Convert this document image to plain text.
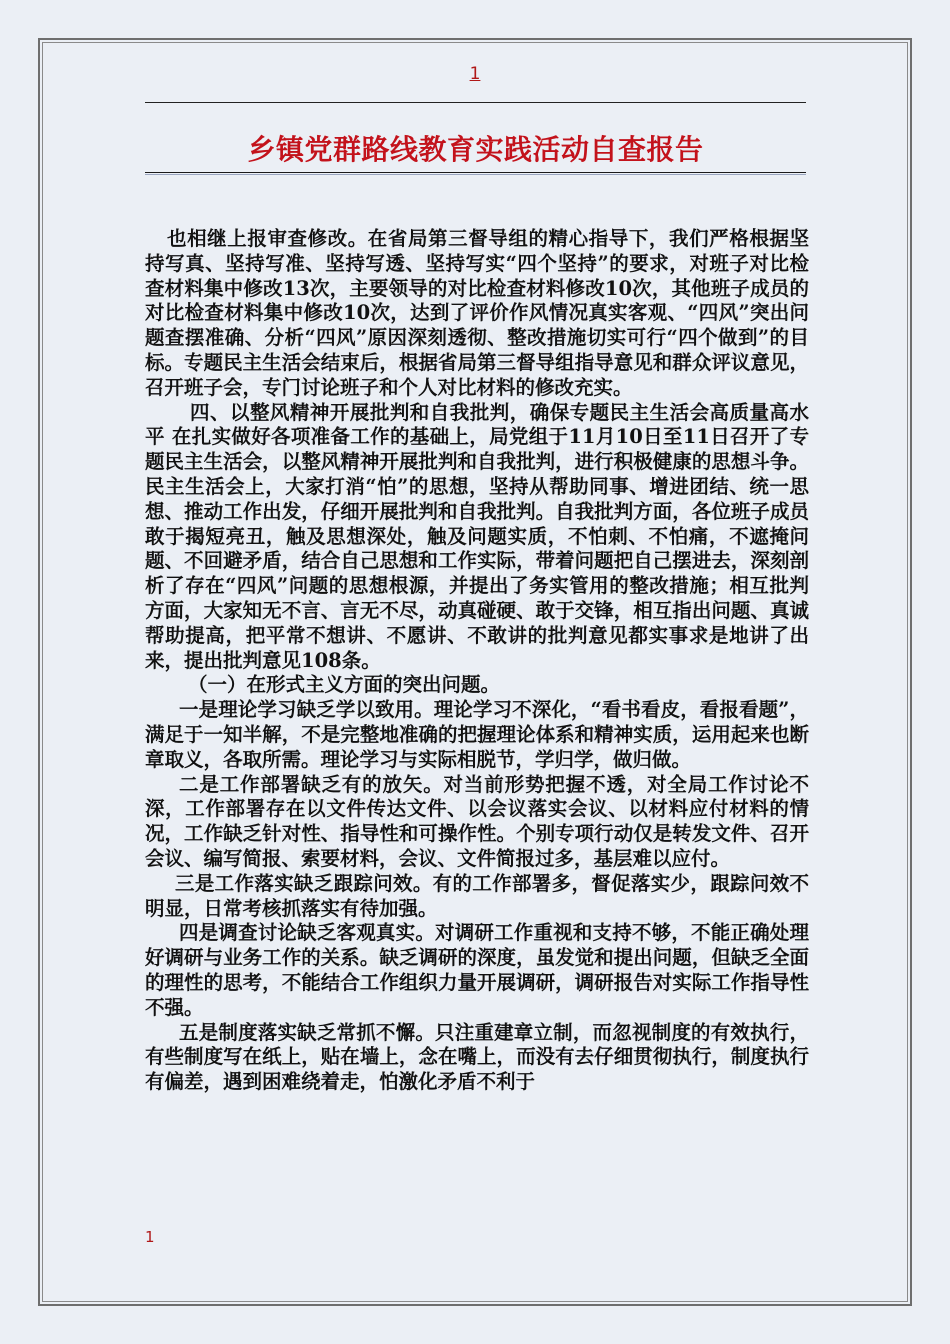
1
乡镇党群路线教育实践活动自查报告

也相继上报审查修改。在省局第三督导组的精心指导下，我们严格根据坚持写真、坚持写准、坚持写透、坚持写实“四个坚持”的要求，对班子对比检查材料集中修改13次，主要领导的对比检查材料修改10次，其他班子成员的对比检查材料集中修改10次，达到了评价作风情况真实客观、“四风”突出问题查摆准确、分析“四风”原因深刻透彻、整改措施切实可行“四个做到”的目标。专题民主生活会结束后，根据省局第三督导组指导意见和群众评议意见，召开班子会，专门讨论班子和个人对比材料的修改充实。

四、以整风精神开展批判和自我批判，确保专题民主生活会高质量高水平 在扎实做好各项准备工作的基础上，局党组于11月10日至11日召开了专题民主生活会，以整风精神开展批判和自我批判，进行积极健康的思想斗争。民主生活会上，大家打消“怕”的思想，坚持从帮助同事、增进团结、统一思想、推动工作出发，仔细开展批判和自我批判。自我批判方面，各位班子成员敢于揭短亮丑，触及思想深处，触及问题实质，不怕刺、不怕痛，不遮掩问题、不回避矛盾，结合自己思想和工作实际，带着问题把自己摆进去，深刻剖析了存在“四风”问题的思想根源，并提出了务实管用的整改措施；相互批判方面，大家知无不言、言无不尽，动真碰硬、敢于交锋，相互指出问题、真诚帮助提高，把平常不想讲、不愿讲、不敢讲的批判意见都实事求是地讲了出来，提出批判意见108条。

（一）在形式主义方面的突出问题。

一是理论学习缺乏学以致用。理论学习不深化，“看书看皮，看报看题”，满足于一知半解，不是完整地准确的把握理论体系和精神实质，运用起来也断章取义，各取所需。理论学习与实际相脱节，学归学，做归做。

二是工作部署缺乏有的放矢。对当前形势把握不透，对全局工作讨论不深，工作部署存在以文件传达文件、以会议落实会议、以材料应付材料的情况，工作缺乏针对性、指导性和可操作性。个别专项行动仅是转发文件、召开会议、编写简报、索要材料，会议、文件简报过多，基层难以应付。

三是工作落实缺乏跟踪问效。有的工作部署多，督促落实少，跟踪问效不明显，日常考核抓落实有待加强。

四是调查讨论缺乏客观真实。对调研工作重视和支持不够，不能正确处理好调研与业务工作的关系。缺乏调研的深度，虽发觉和提出问题，但缺乏全面的理性的思考，不能结合工作组织力量开展调研，调研报告对实际工作指导性不强。

五是制度落实缺乏常抓不懈。只注重建章立制，而忽视制度的有效执行，有些制度写在纸上，贴在墙上，念在嘴上，而没有去仔细贯彻执行，制度执行有偏差，遇到困难绕着走，怕激化矛盾不利于

1
